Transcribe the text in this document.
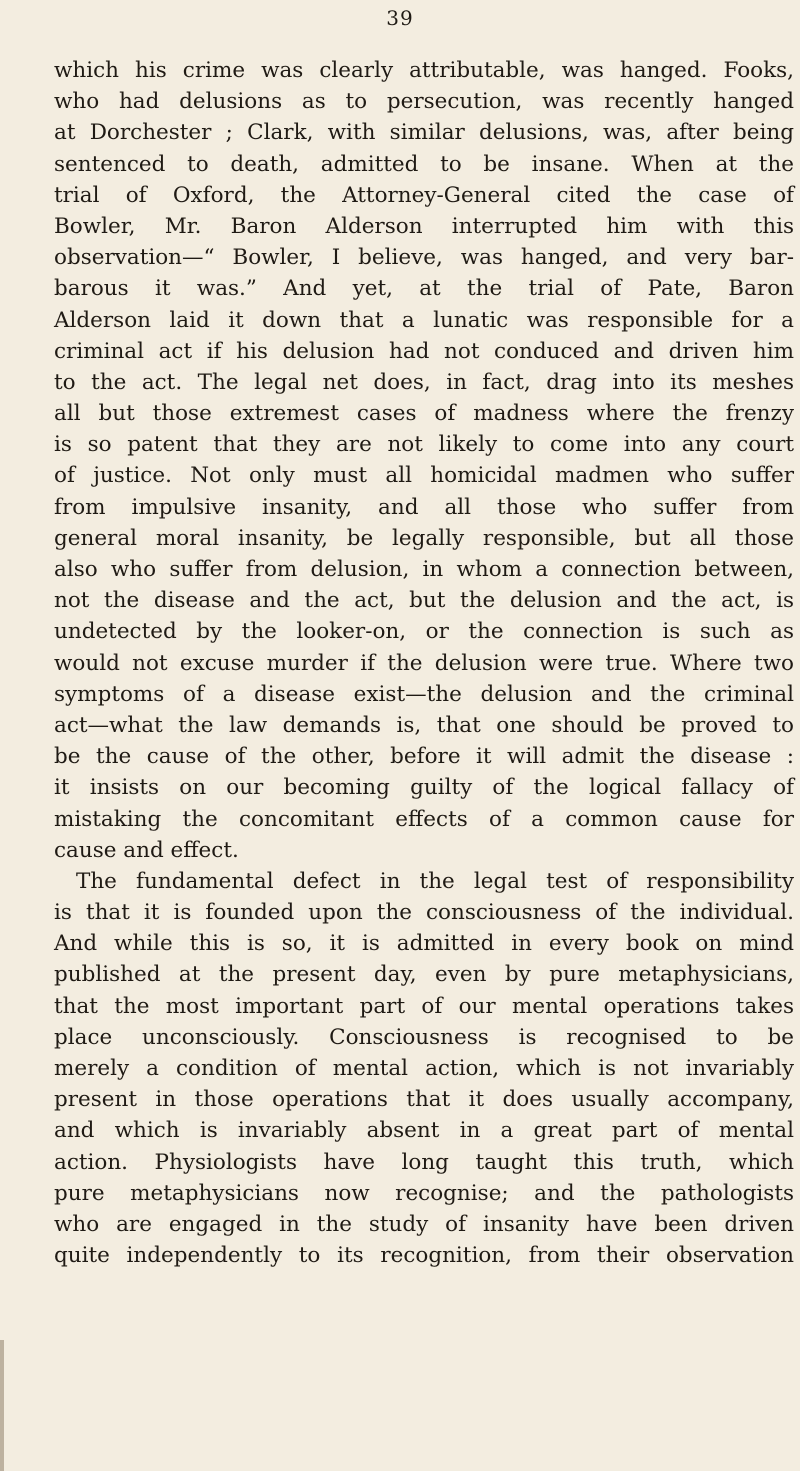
39
which his crime was clearly attributable, was hanged. Fooks,
who had delusions as to persecution, was recently hanged
at Dorchester ; Clark, with similar delusions, was, after being
sentenced to death, admitted to be insane. When at the
trial of Oxford, the Attorney-General cited the case of
Bowler, Mr. Baron Alderson interrupted him with this
observation—“ Bowler, I believe, was hanged, and very bar-
barous it was.” And yet, at the trial of Pate, Baron
Alderson laid it down that a lunatic was responsible for a
criminal act if his delusion had not conduced and driven him
to the act. The legal net does, in fact, drag into its meshes
all but those extremest cases of madness where the frenzy
is so patent that they are not likely to come into any court
of justice. Not only must all homicidal madmen who suffer
from impulsive insanity, and all those who suffer from
general moral insanity, be legally responsible, but all those
also who suffer from delusion, in whom a connection between,
not the disease and the act, but the delusion and the act, is
undetected by the looker-on, or the connection is such as
would not excuse murder if the delusion were true. Where two
symptoms of a disease exist—the delusion and the criminal
act—what the law demands is, that one should be proved to
be the cause of the other, before it will admit the disease :
it insists on our becoming guilty of the logical fallacy of
mistaking the concomitant effects of a common cause for
cause and effect.
The fundamental defect in the legal test of responsibility
is that it is founded upon the consciousness of the individual.
And while this is so, it is admitted in every book on mind
published at the present day, even by pure metaphysicians,
that the most important part of our mental operations takes
place unconsciously. Consciousness is recognised to be
merely a condition of mental action, which is not invariably
present in those operations that it does usually accompany,
and which is invariably absent in a great part of mental
action. Physiologists have long taught this truth, which
pure metaphysicians now recognise; and the pathologists
who are engaged in the study of insanity have been driven
quite independently to its recognition, from their observation
